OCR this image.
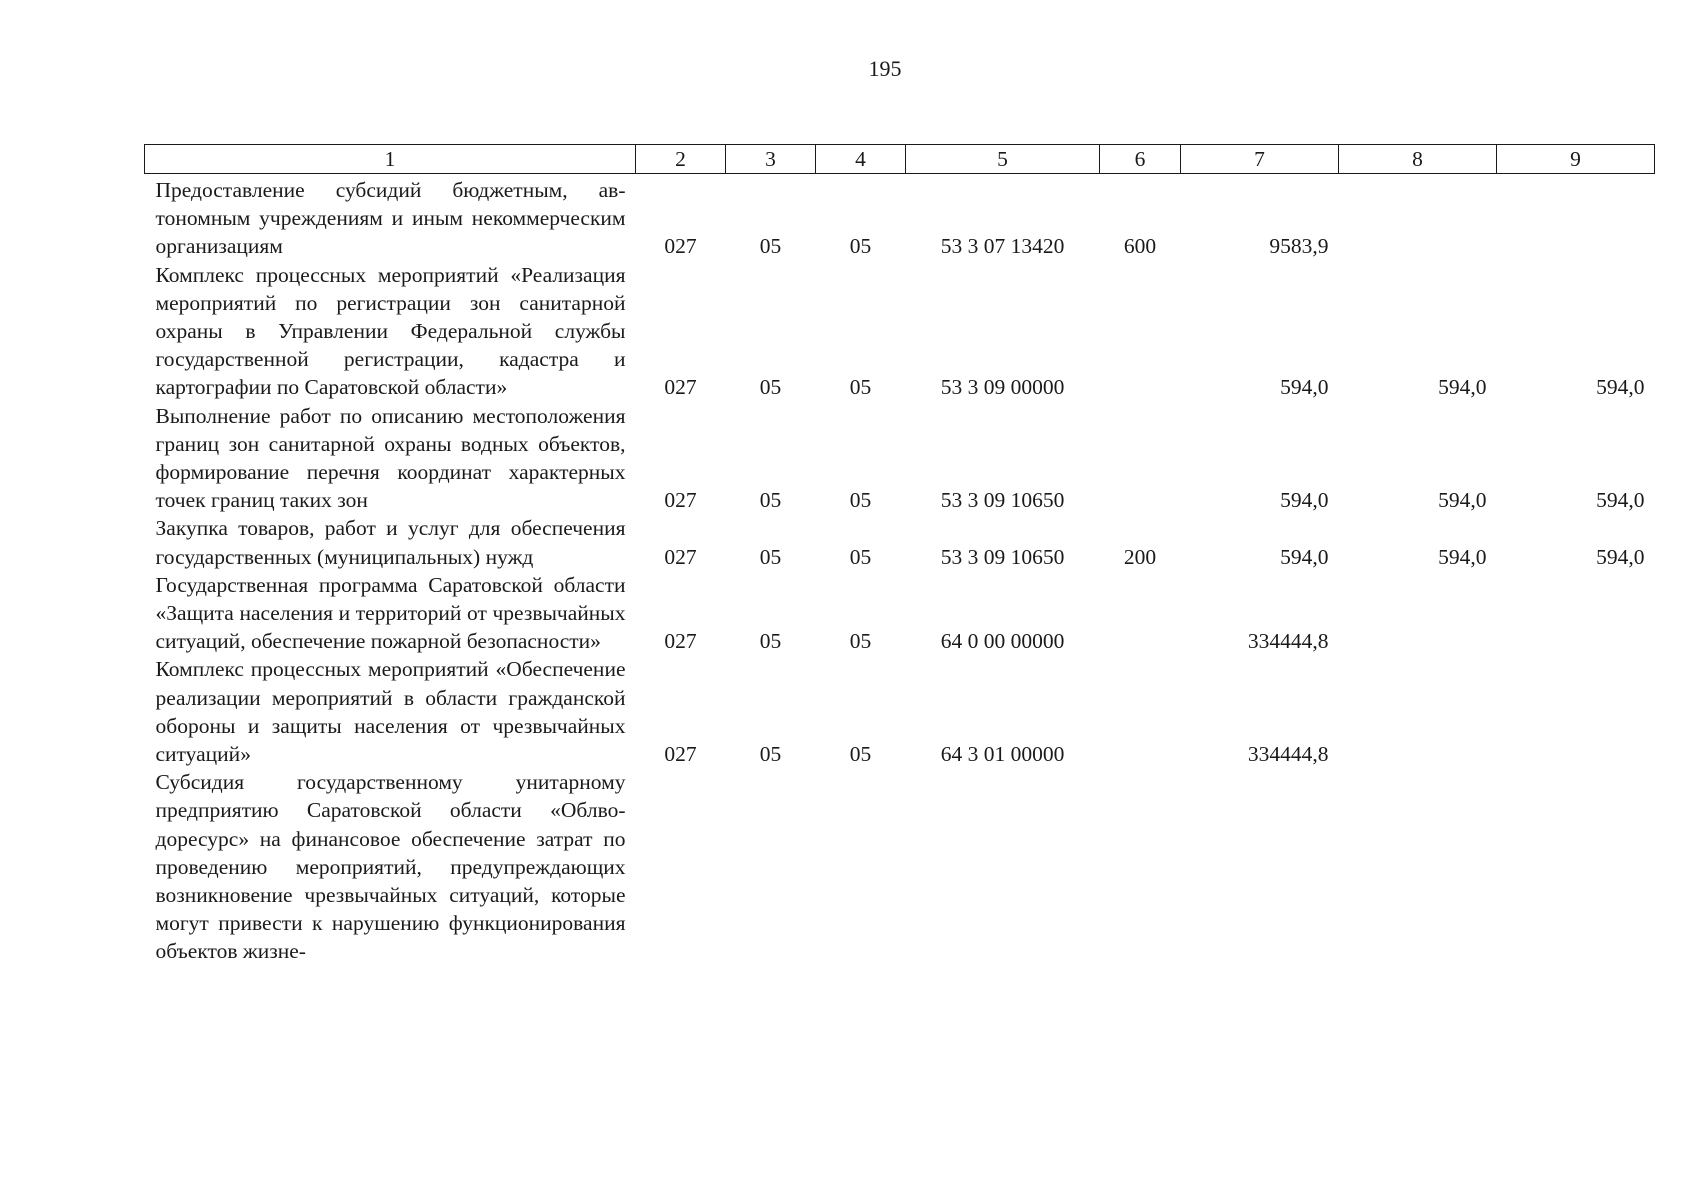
195
1	2	3	4	5	6	7	8	9
Предоставление субсидий бюджетным, автономным учреждениям и иным некоммерческим организациям	027	05	05	53 3 07 13420	600	9583,9		
Комплекс процессных мероприятий «Реализация мероприятий по регистрации зон санитарной охраны в Управлении Федеральной службы государственной регистрации, кадастра и картографии по Саратовской области»	027	05	05	53 3 09 00000		594,0	594,0	594,0
Выполнение работ по описанию местоположения границ зон санитарной охраны водных объектов, формирование перечня координат характерных точек границ таких зон	027	05	05	53 3 09 10650		594,0	594,0	594,0
Закупка товаров, работ и услуг для обеспечения государственных (муниципальных) нужд	027	05	05	53 3 09 10650	200	594,0	594,0	594,0
Государственная программа Саратовской области «Защита населения и территорий от чрезвычайных ситуаций, обеспечение пожарной безопасности»	027	05	05	64 0 00 00000		334444,8		
Комплекс процессных мероприятий «Обеспечение реализации мероприятий в области гражданской обороны и защиты населения от чрезвычайных ситуаций»	027	05	05	64 3 01 00000		334444,8		
Субсидия государственному унитарному предприятию Саратовской области «Облводоресурс» на финансовое обеспечение затрат по проведению мероприятий, предупреждающих возникновение чрезвычайных ситуаций, которые могут привести к нарушению функционирования объектов жизне-								
